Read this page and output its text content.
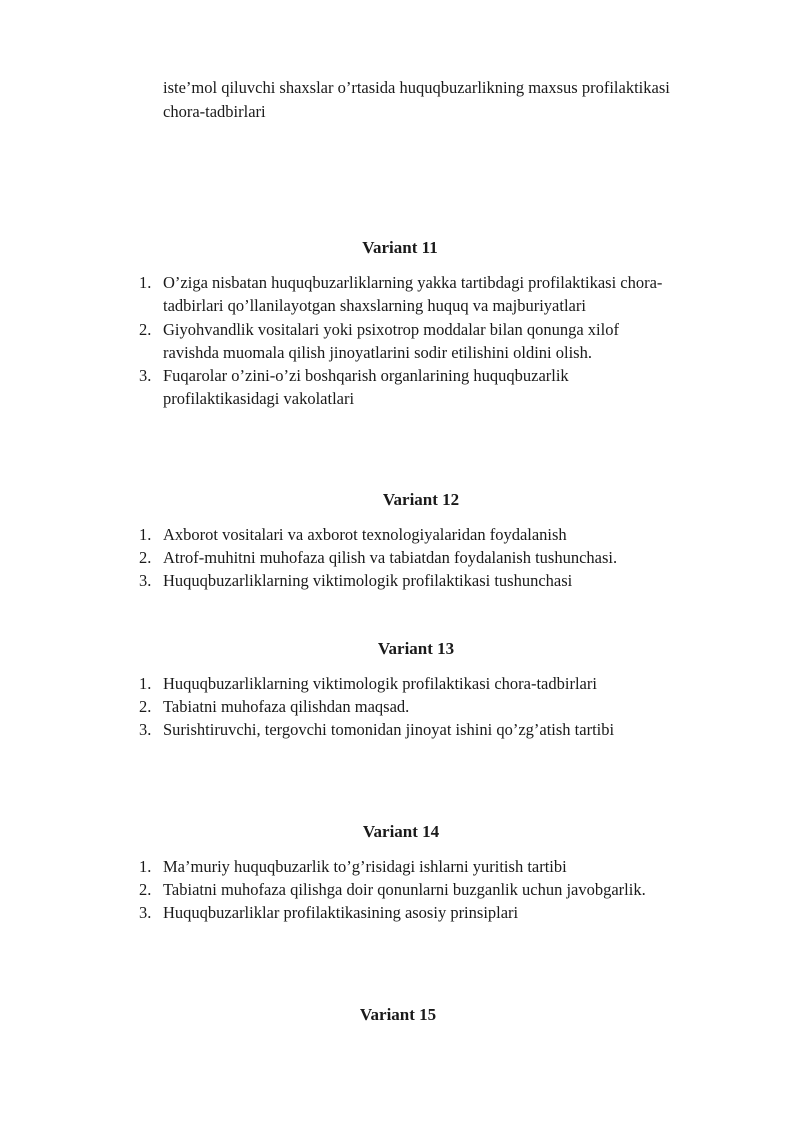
iste’mol qiluvchi shaxslar o’rtasida huquqbuzarlikning maxsus profilaktikasi
chora-tadbirlari
Variant 11
1. O’ziga nisbatan huquqbuzarliklarning yakka tartibdagi profilaktikasi chora-
tadbirlari qo’llanilayotgan shaxslarning huquq va majburiyatlari
2. Giyohvandlik vositalari yoki psixotrop moddalar bilan qonunga xilof
ravishda muomala qilish jinoyatlarini sodir etilishini oldini olish.
3. Fuqarolar o’zini-o’zi boshqarish organlarining huquqbuzarlik
profilaktikasidagi vakolatlari
Variant 12
1. Axborot vositalari va axborot texnologiyalaridan foydalanish
2. Atrof-muhitni muhofaza qilish va tabiatdan foydalanish tushunchasi.
3. Huquqbuzarliklarning viktimologik profilaktikasi tushunchasi
Variant 13
1. Huquqbuzarliklarning viktimologik profilaktikasi chora-tadbirlari
2. Tabiatni muhofaza qilishdan maqsad.
3. Surishtiruvchi, tergovchi tomonidan jinoyat ishini qo’zg’atish tartibi
Variant 14
1. Ma’muriy huquqbuzarlik to’g’risidagi ishlarni yuritish tartibi
2. Tabiatni muhofaza qilishga doir qonunlarni buzganlik uchun javobgarlik.
3. Huquqbuzarliklar profilaktikasining asosiy prinsiplari
Variant 15
